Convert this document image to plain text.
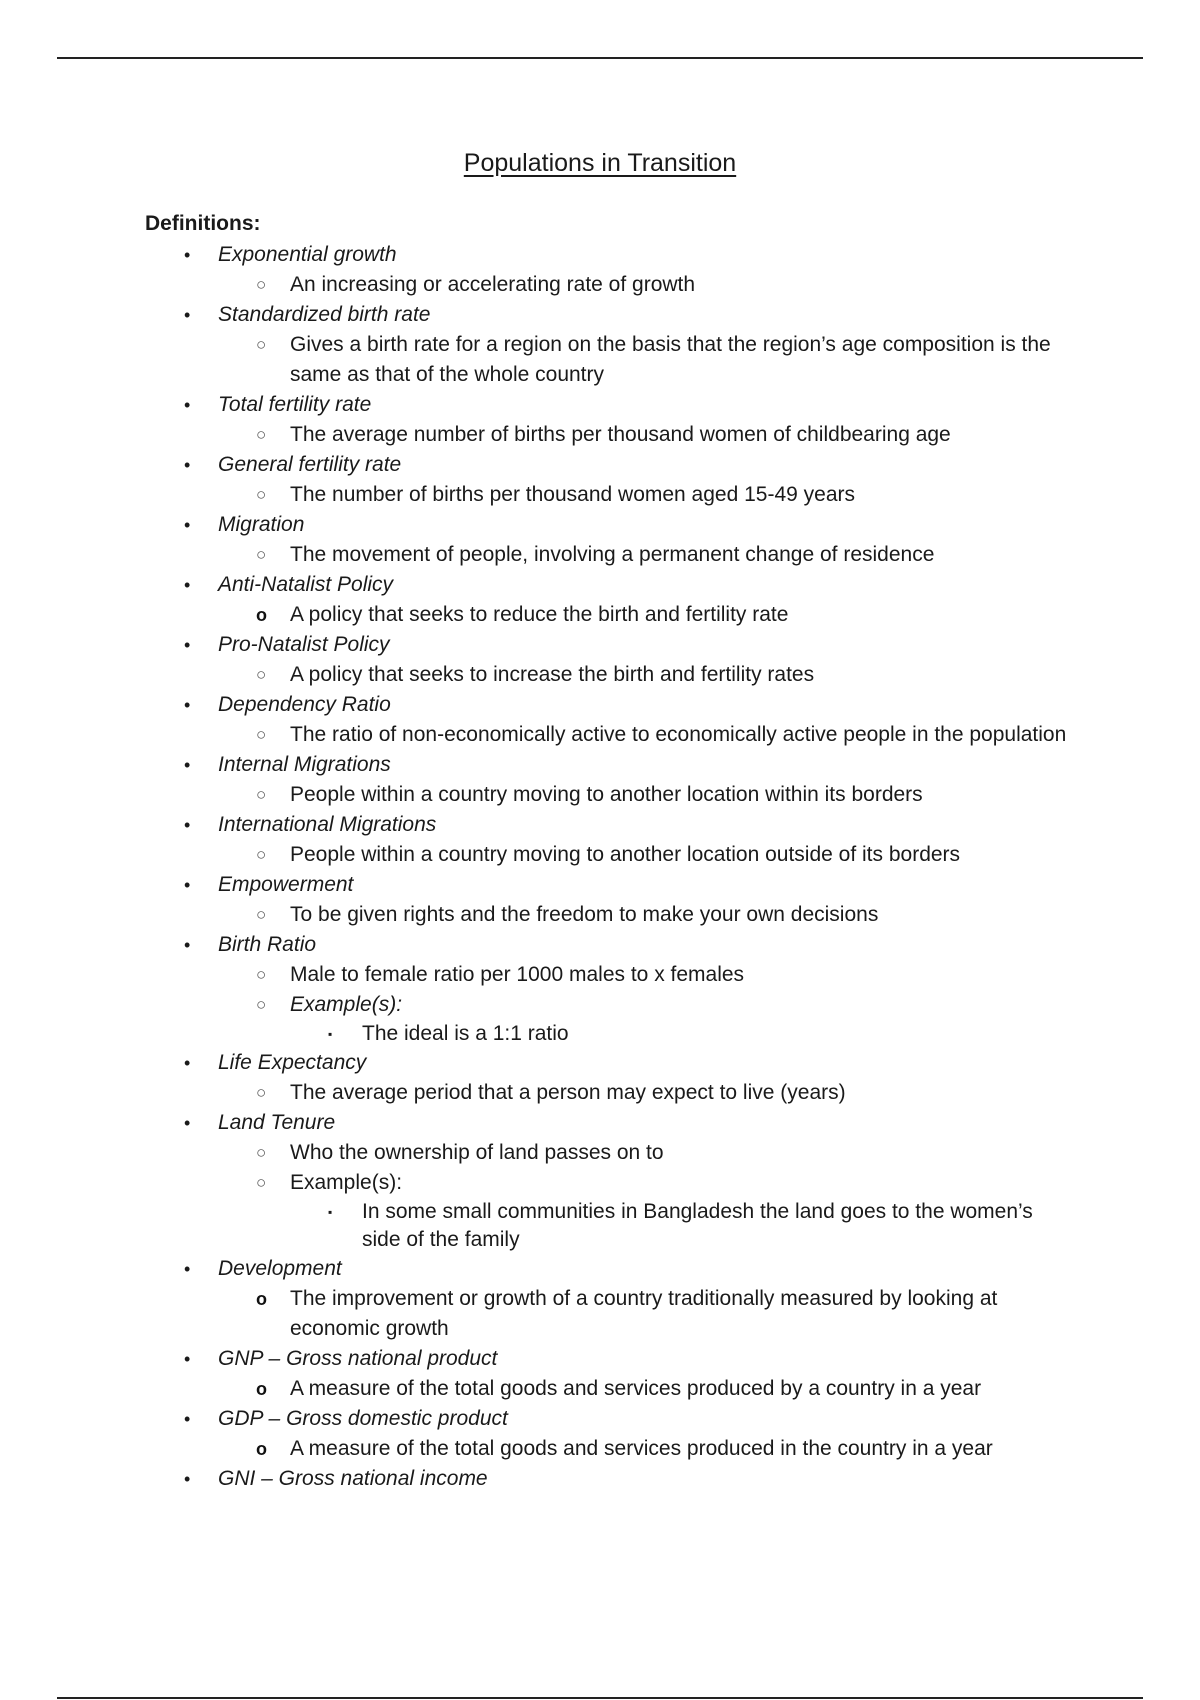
Populations in Transition
Definitions:
•	Exponential growth
○	An increasing or accelerating rate of growth
•	Standardized birth rate
○	Gives a birth rate for a region on the basis that the region’s age composition is the same as that of the whole country
•	Total fertility rate
○	The average number of births per thousand women of childbearing age
•	General fertility rate
○	The number of births per thousand women aged 15-49 years
•	Migration
○	The movement of people, involving a permanent change of residence
•	Anti-Natalist Policy
o	A policy that seeks to reduce the birth and fertility rate
•	Pro-Natalist Policy
○	A policy that seeks to increase the birth and fertility rates
•	Dependency Ratio
○	The ratio of non-economically active to economically active people in the population
•	Internal Migrations
○	People within a country moving to another location within its borders
•	International Migrations
○	People within a country moving to another location outside of its borders
•	Empowerment
○	To be given rights and the freedom to make your own decisions
•	Birth Ratio
○	Male to female ratio per 1000 males to x females
○	Example(s):
▪	The ideal is a 1:1 ratio
•	Life Expectancy
○	The average period that a person may expect to live (years)
•	Land Tenure
○	Who the ownership of land passes on to
○	Example(s):
▪	In some small communities in Bangladesh the land goes to the women’s side of the family
•	Development
o	The improvement or growth of a country traditionally measured by looking at economic growth
•	GNP – Gross national product
o	A measure of the total goods and services produced by a country in a year
•	GDP – Gross domestic product
o	A measure of the total goods and services produced in the country in a year
•	GNI – Gross national income
